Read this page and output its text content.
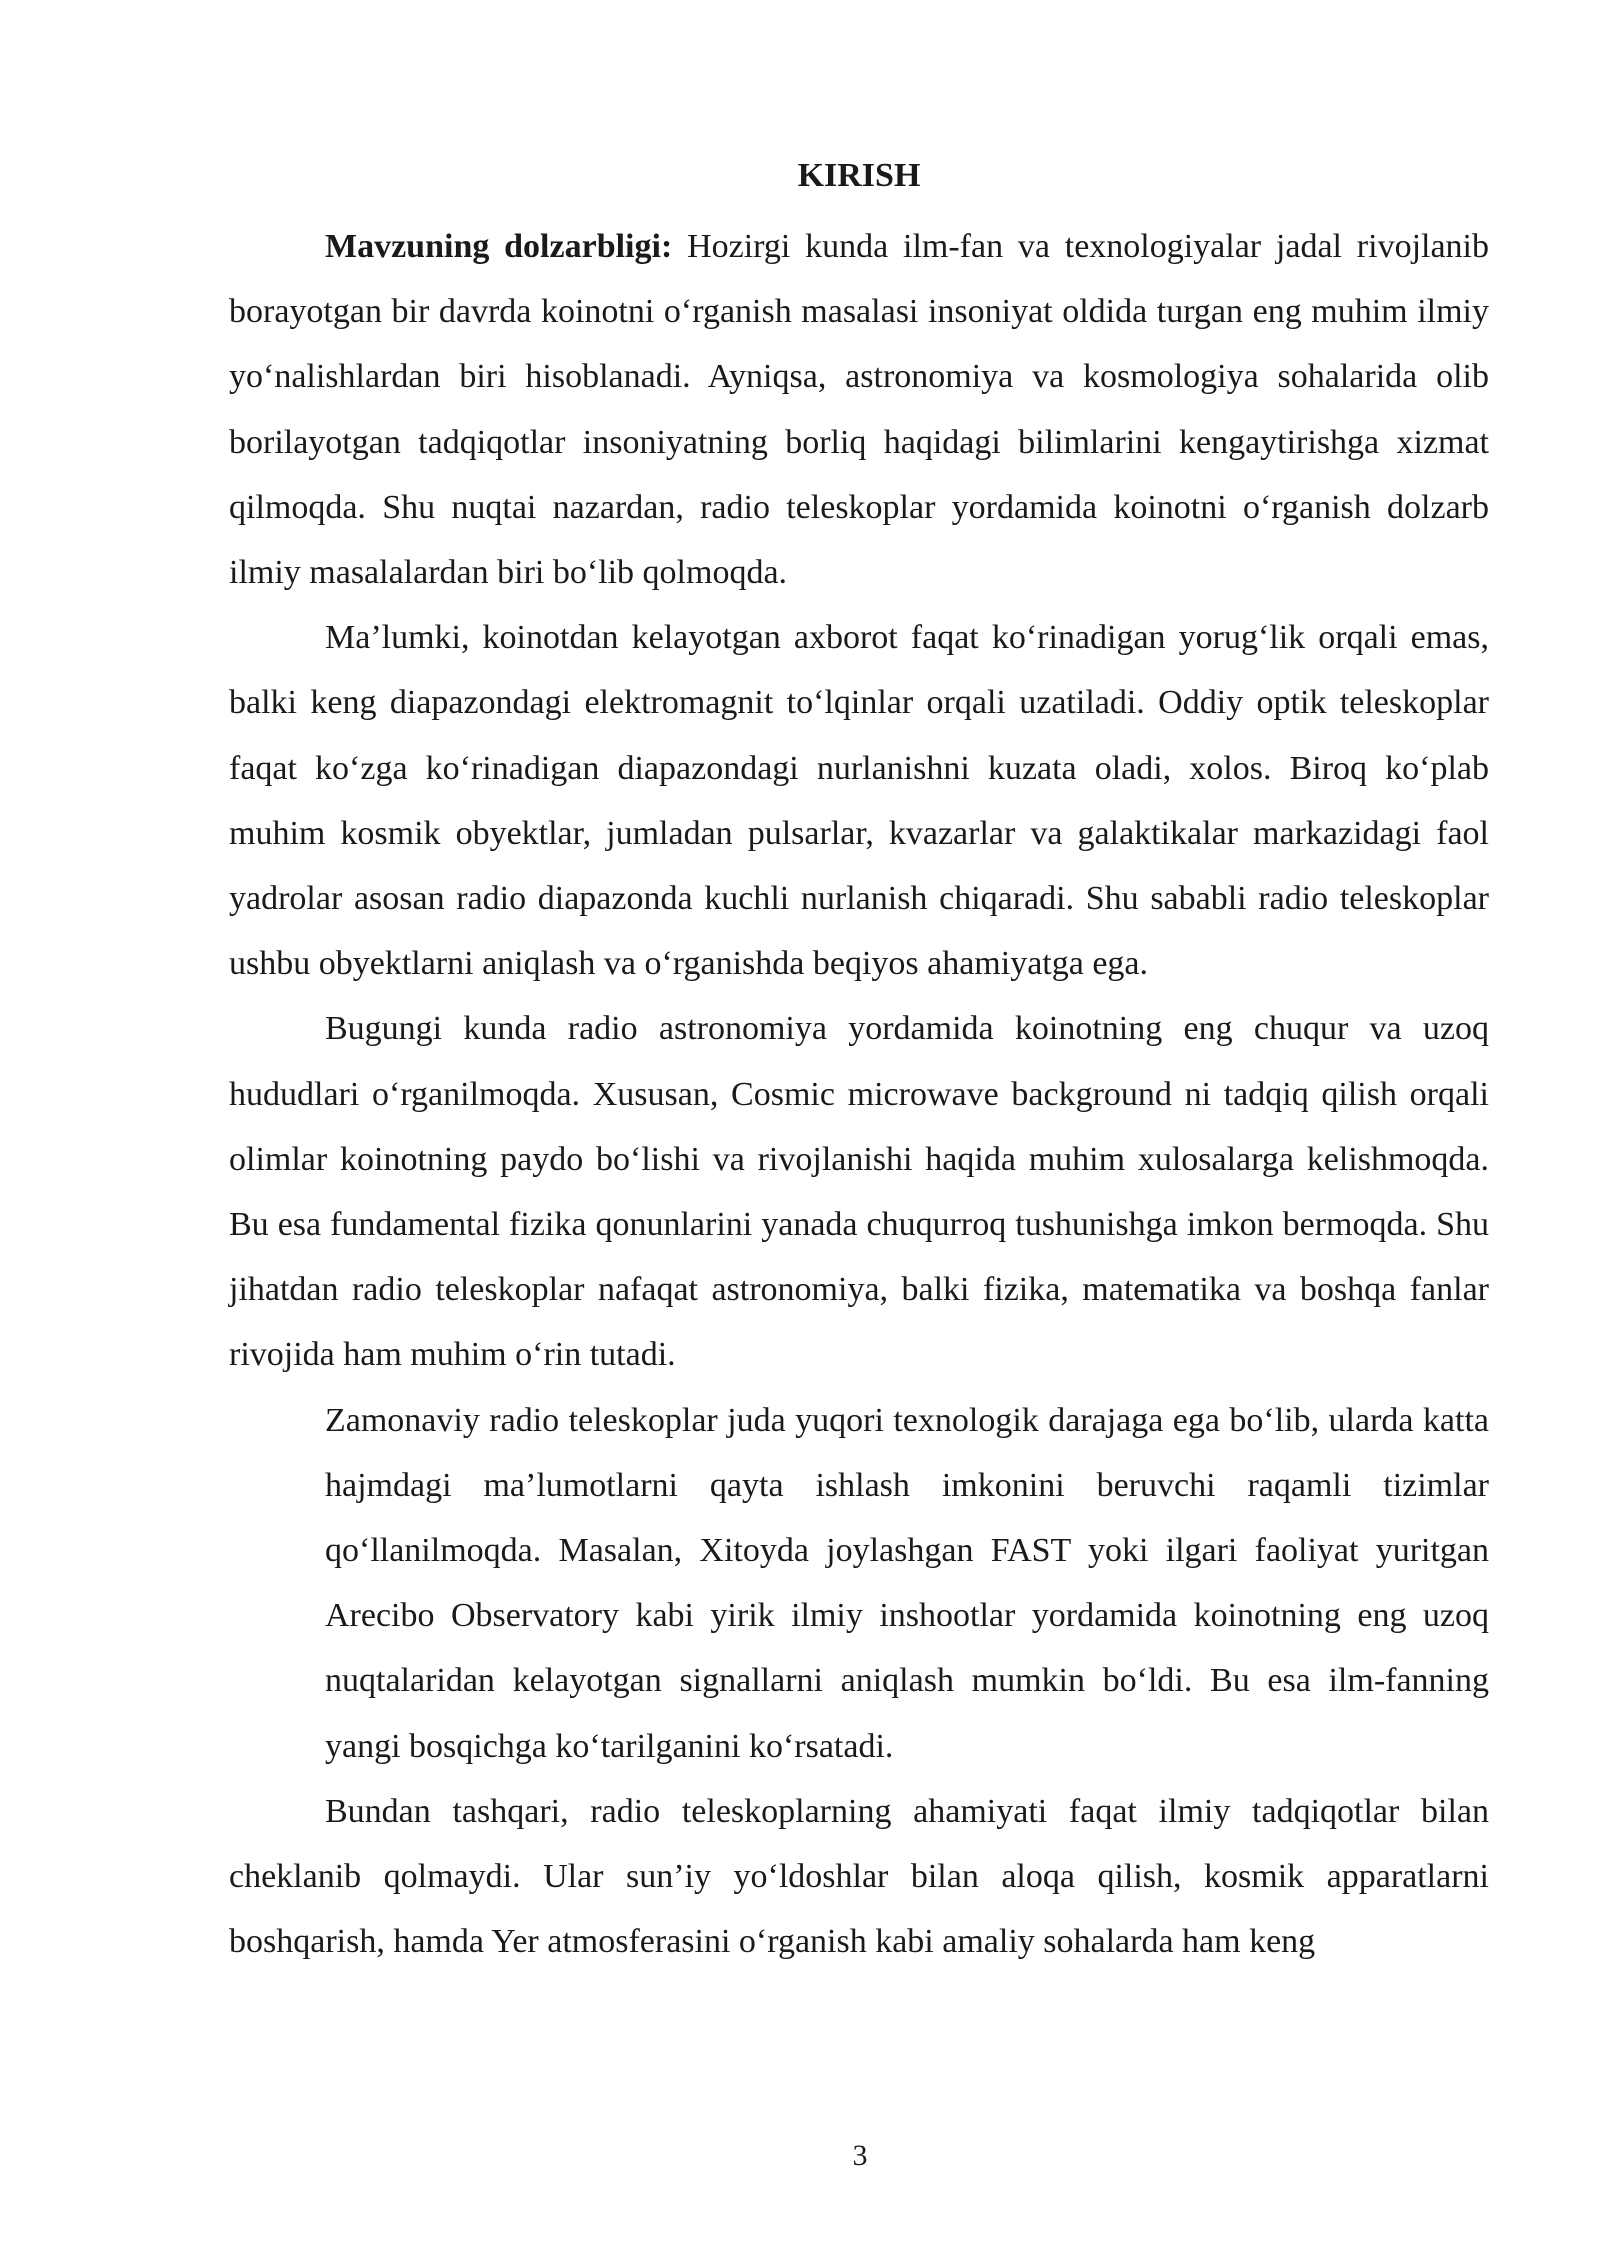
KIRISH

Mavzuning dolzarbligi: Hozirgi kunda ilm-fan va texnologiyalar jadal rivojlanib borayotgan bir davrda koinotni o‘rganish masalasi insoniyat oldida turgan eng muhim ilmiy yo‘nalishlardan biri hisoblanadi. Ayniqsa, astronomiya va kosmologiya sohalarida olib borilayotgan tadqiqotlar insoniyatning borliq haqidagi bilimlarini kengaytirishga xizmat qilmoqda. Shu nuqtai nazardan, radio teleskoplar yordamida koinotni o‘rganish dolzarb ilmiy masalalardan biri bo‘lib qolmoqda.

Ma’lumki, koinotdan kelayotgan axborot faqat ko‘rinadigan yorug‘lik orqali emas, balki keng diapazondagi elektromagnit to‘lqinlar orqali uzatiladi. Oddiy optik teleskoplar faqat ko‘zga ko‘rinadigan diapazondagi nurlanishni kuzata oladi, xolos. Biroq ko‘plab muhim kosmik obyektlar, jumladan pulsarlar, kvazarlar va galaktikalar markazidagi faol yadrolar asosan radio diapazonda kuchli nurlanish chiqaradi. Shu sababli radio teleskoplar ushbu obyektlarni aniqlash va o‘rganishda beqiyos ahamiyatga ega.

Bugungi kunda radio astronomiya yordamida koinotning eng chuqur va uzoq hududlari o‘rganilmoqda. Xususan, Cosmic microwave background ni tadqiq qilish orqali olimlar koinotning paydo bo‘lishi va rivojlanishi haqida muhim xulosalarga kelishmoqda. Bu esa fundamental fizika qonunlarini yanada chuqurroq tushunishga imkon bermoqda. Shu jihatdan radio teleskoplar nafaqat astronomiya, balki fizika, matematika va boshqa fanlar rivojida ham muhim o‘rin tutadi.

Zamonaviy radio teleskoplar juda yuqori texnologik darajaga ega bo‘lib, ularda katta hajmdagi ma’lumotlarni qayta ishlash imkonini beruvchi raqamli tizimlar qo‘llanilmoqda. Masalan, Xitoyda joylashgan FAST yoki ilgari faoliyat yuritgan Arecibo Observatory kabi yirik ilmiy inshootlar yordamida koinotning eng uzoq nuqtalaridan kelayotgan signallarni aniqlash mumkin bo‘ldi. Bu esa ilm-fanning yangi bosqichga ko‘tarilganini ko‘rsatadi.

Bundan tashqari, radio teleskoplarning ahamiyati faqat ilmiy tadqiqotlar bilan cheklanib qolmaydi. Ular sun’iy yo‘ldoshlar bilan aloqa qilish, kosmik apparatlarni boshqarish, hamda Yer atmosferasini o‘rganish kabi amaliy sohalarda ham keng

3
